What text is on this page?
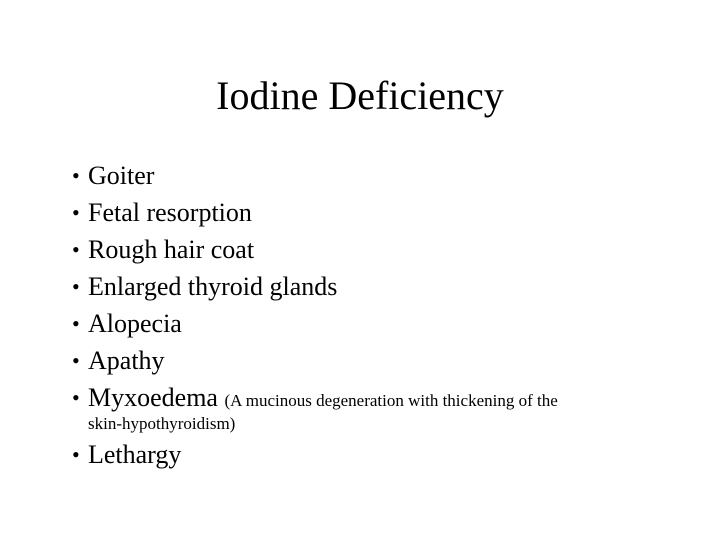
Iodine Deficiency
• Goiter
• Fetal resorption
• Rough hair coat
• Enlarged thyroid glands
• Alopecia
• Apathy
• Myxoedema (A mucinous degeneration with thickening of the
skin-hypothyroidism)
• Lethargy
